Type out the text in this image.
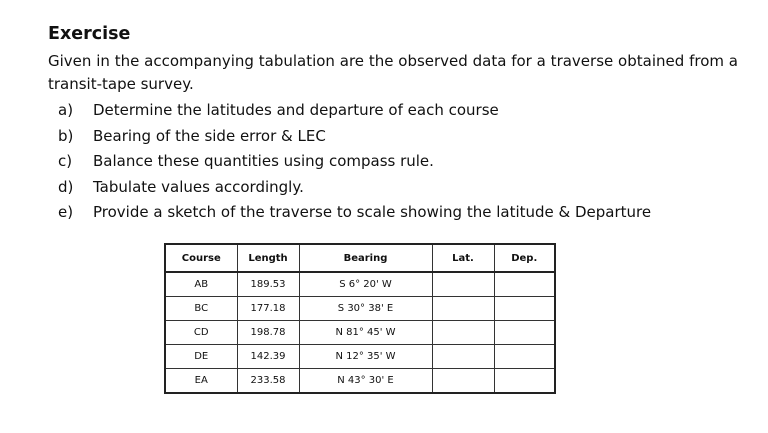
Exercise
Given in the accompanying tabulation are the observed data for a traverse obtained from a transit-tape survey.
a) Determine the latitudes and departure of each course
b) Bearing of the side error & LEC
c) Balance these quantities using compass rule.
d) Tabulate values accordingly.
e) Provide a sketch of the traverse to scale showing the latitude & Departure
Course	Length	Bearing	Lat.	Dep.
AB	189.53	S 6° 20' W		
BC	177.18	S 30° 38' E		
CD	198.78	N 81° 45' W		
DE	142.39	N 12° 35' W		
EA	233.58	N 43° 30' E		
